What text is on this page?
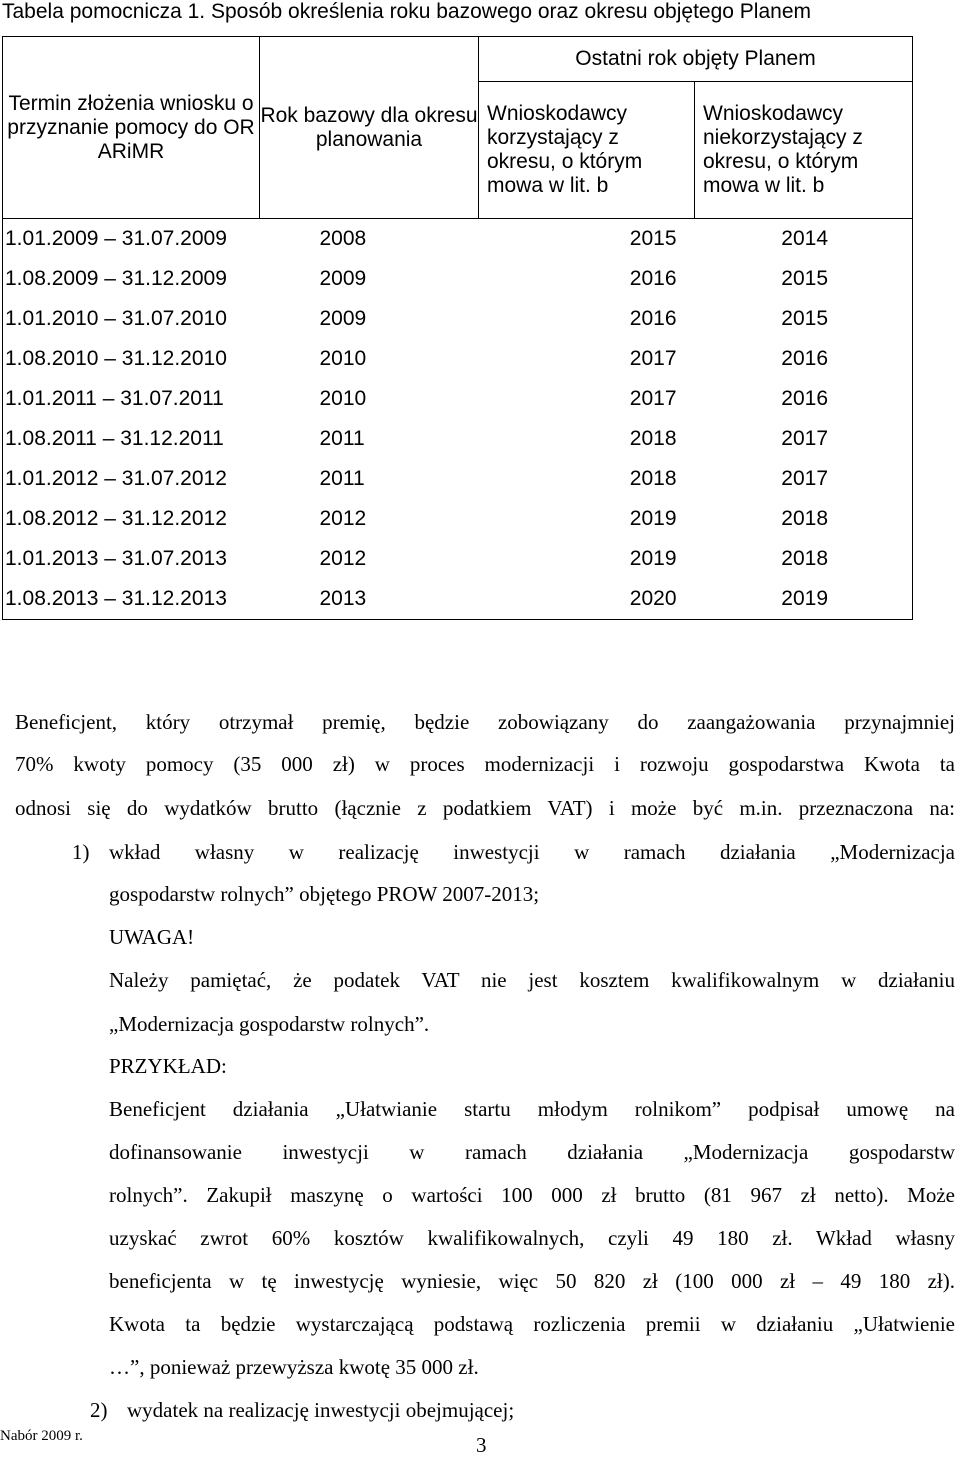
Tabela pomocnicza 1. Sposób określenia roku bazowego oraz okresu objętego Planem
Termin złożenia wniosku o przyznanie pomocy do OR ARiMR	Rok bazowy dla okresu planowania	Ostatni rok objęty Planem	
		Wnioskodawcy korzystający z okresu, o którym mowa w lit. b	Wnioskodawcy niekorzystający z okresu, o którym mowa w lit. b
1.01.2009 – 31.07.2009	2008	2015	2014
1.08.2009 – 31.12.2009	2009	2016	2015
1.01.2010 – 31.07.2010	2009	2016	2015
1.08.2010 – 31.12.2010	2010	2017	2016
1.01.2011 – 31.07.2011	2010	2017	2016
1.08.2011 – 31.12.2011	2011	2018	2017
1.01.2012 – 31.07.2012	2011	2018	2017
1.08.2012 – 31.12.2012	2012	2019	2018
1.01.2013 – 31.07.2013	2012	2019	2018
1.08.2013 – 31.12.2013	2013	2020	2019
Beneficjent, który otrzymał premię, będzie zobowiązany do zaangażowania przynajmniej
70% kwoty pomocy (35 000 zł) w proces modernizacji i rozwoju gospodarstwa Kwota ta
odnosi się do wydatków brutto (łącznie z podatkiem VAT) i może być m.in. przeznaczona na:
1) wkład własny w realizację inwestycji w ramach działania „Modernizacja
gospodarstw rolnych” objętego PROW 2007-2013;
UWAGA!
Należy pamiętać, że podatek VAT nie jest kosztem kwalifikowalnym w działaniu
„Modernizacja gospodarstw rolnych”.
PRZYKŁAD:
Beneficjent działania „Ułatwianie startu młodym rolnikom” podpisał umowę na
dofinansowanie inwestycji w ramach działania „Modernizacja gospodarstw
rolnych”. Zakupił maszynę o wartości 100 000 zł brutto (81 967 zł netto). Może
uzyskać zwrot 60% kosztów kwalifikowalnych, czyli 49 180 zł. Wkład własny
beneficjenta w tę inwestycję wyniesie, więc 50 820 zł (100 000 zł – 49 180 zł).
Kwota ta będzie wystarczającą podstawą rozliczenia premii w działaniu „Ułatwienie
…”, ponieważ przewyższa kwotę 35 000 zł.
2) wydatek na realizację inwestycji obejmującej;
Nabór 2009 r.	3
